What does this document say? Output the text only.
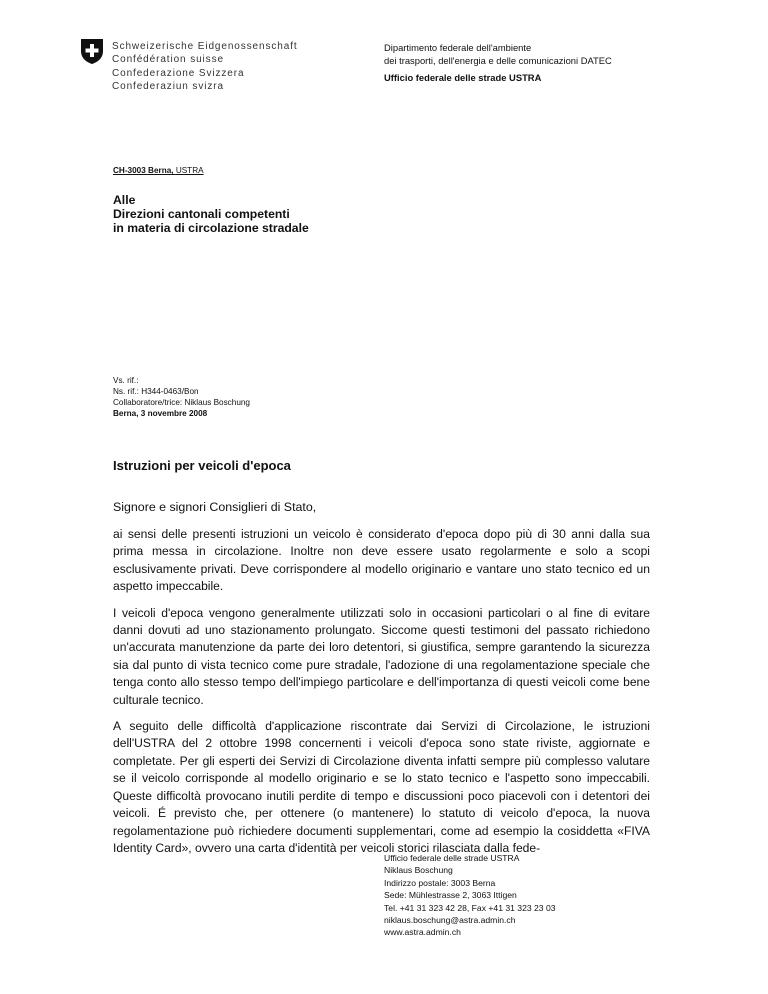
Schweizerische Eidgenossenschaft
Confédération suisse
Confederazione Svizzera
Confederaziun svizra
Dipartimento federale dell'ambiente
dei trasporti, dell'energia e delle comunicazioni DATEC
Ufficio federale delle strade USTRA
CH-3003 Berna, USTRA
Alle
Direzioni cantonali competenti
in materia di circolazione stradale
Vs. rif.:
Ns. rif.: H344-0463/Bon
Collaboratore/trice: Niklaus Boschung
Berna, 3 novembre 2008
Istruzioni per veicoli d'epoca
Signore e signori Consiglieri di Stato,

ai sensi delle presenti istruzioni un veicolo è considerato d'epoca dopo più di 30 anni dalla sua prima messa in circolazione. Inoltre non deve essere usato regolarmente e solo a scopi esclusivamente privati. Deve corrispondere al modello originario e vantare uno stato tecnico ed un aspetto impeccabile.

I veicoli d'epoca vengono generalmente utilizzati solo in occasioni particolari o al fine di evitare danni dovuti ad uno stazionamento prolungato. Siccome questi testimoni del passato richiedono un'accurata manutenzione da parte dei loro detentori, si giustifica, sempre garantendo la sicurezza sia dal punto di vista tecnico come pure stradale, l'adozione di una regolamentazione speciale che tenga conto allo stesso tempo dell'impiego particolare e dell'importanza di questi veicoli come bene culturale tecnico.

A seguito delle difficoltà d'applicazione riscontrate dai Servizi di Circolazione, le istruzioni dell'USTRA del 2 ottobre 1998 concernenti i veicoli d'epoca sono state riviste, aggiornate e completate. Per gli esperti dei Servizi di Circolazione diventa infatti sempre più complesso valutare se il veicolo corrisponde al modello originario e se lo stato tecnico e l'aspetto sono impeccabili. Queste difficoltà provocano inutili perdite di tempo e discussioni poco piacevoli con i detentori dei veicoli. É previsto che, per ottenere (o mantenere) lo statuto di veicolo d'epoca, la nuova regolamentazione può richiedere documenti supplementari, come ad esempio la cosiddetta «FIVA Identity Card», ovvero una carta d'identità per veicoli storici rilasciata dalla fede-

Ufficio federale delle strade USTRA
Niklaus Boschung
Indirizzo postale: 3003 Berna
Sede: Mühlestrasse 2, 3063 Ittigen
Tel. +41 31 323 42 28, Fax +41 31 323 23 03
niklaus.boschung@astra.admin.ch
www.astra.admin.ch
